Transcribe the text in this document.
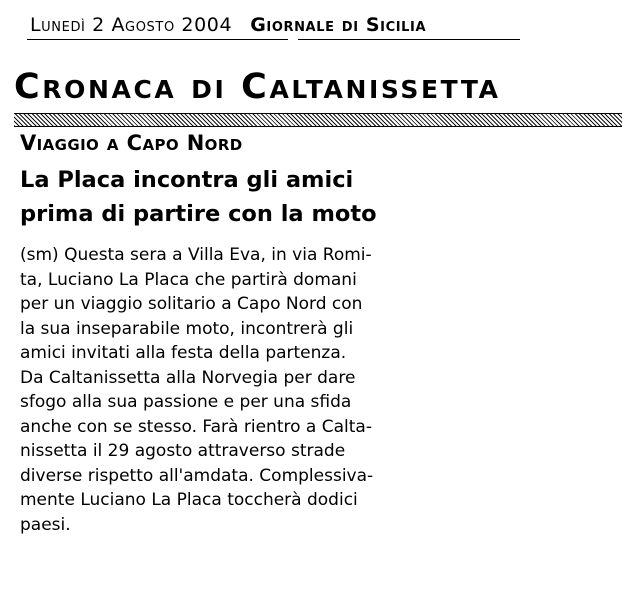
Lunedì 2 Agosto 2004 Giornale di Sicilia
Cronaca di Caltanissetta
Viaggio a Capo Nord
La Placa incontra gli amici
prima di partire con la moto
(sm) Questa sera a Villa Eva, in via Romi-
ta, Luciano La Placa che partirà domani
per un viaggio solitario a Capo Nord con
la sua inseparabile moto, incontrerà gli
amici invitati alla festa della partenza.
Da Caltanissetta alla Norvegia per dare
sfogo alla sua passione e per una sfida
anche con se stesso. Farà rientro a Calta-
nissetta il 29 agosto attraverso strade
diverse rispetto all'amdata. Complessiva-
mente Luciano La Placa toccherà dodici
paesi.
